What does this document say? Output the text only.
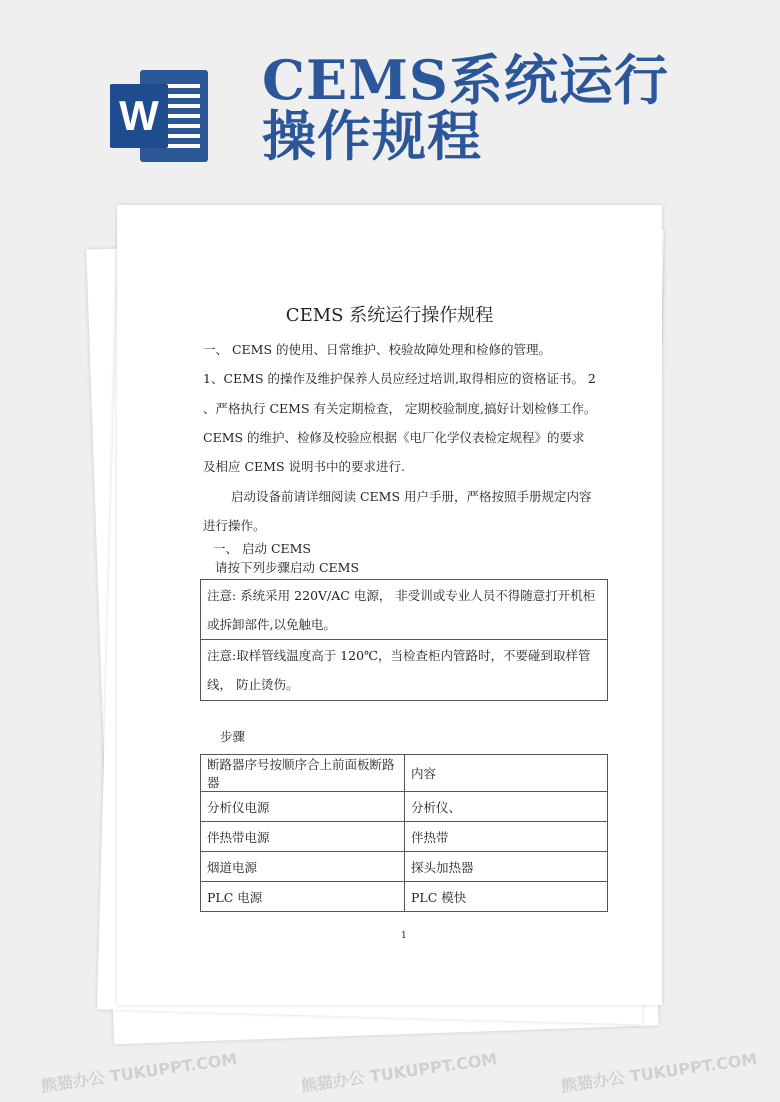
W
CEMS系统运行
操作规程
CEMS 系统运行操作规程
一、 CEMS 的使用、日常维护、校验故障处理和检修的管理。
1、CEMS 的操作及维护保养人员应经过培训,取得相应的资格证书。 2
、严格执行 CEMS 有关定期检查， 定期校验制度,搞好计划检修工作。
CEMS 的维护、检修及校验应根据《电厂化学仪表检定规程》的要求
及相应 CEMS 说明书中的要求进行.
启动设备前请详细阅读 CEMS 用户手册，严格按照手册规定内容
进行操作。
一、 启动 CEMS
请按下列步骤启动 CEMS
注意: 系统采用 220V/AC 电源， 非受训或专业人员不得随意打开机柜或拆卸部件,以免触电。
注意:取样管线温度高于 120℃，当检查柜内管路时，不要碰到取样管线， 防止烫伤。
步骤
断路器序号按顺序合上前面板断路器	内容
分析仪电源	分析仪、
伴热带电源	伴热带
烟道电源	探头加热器
PLC 电源	PLC 模快
1
熊猫办公 TUKUPPT.COM	熊猫办公 TUKUPPT.COM	熊猫办公 TUKUPPT.COM
